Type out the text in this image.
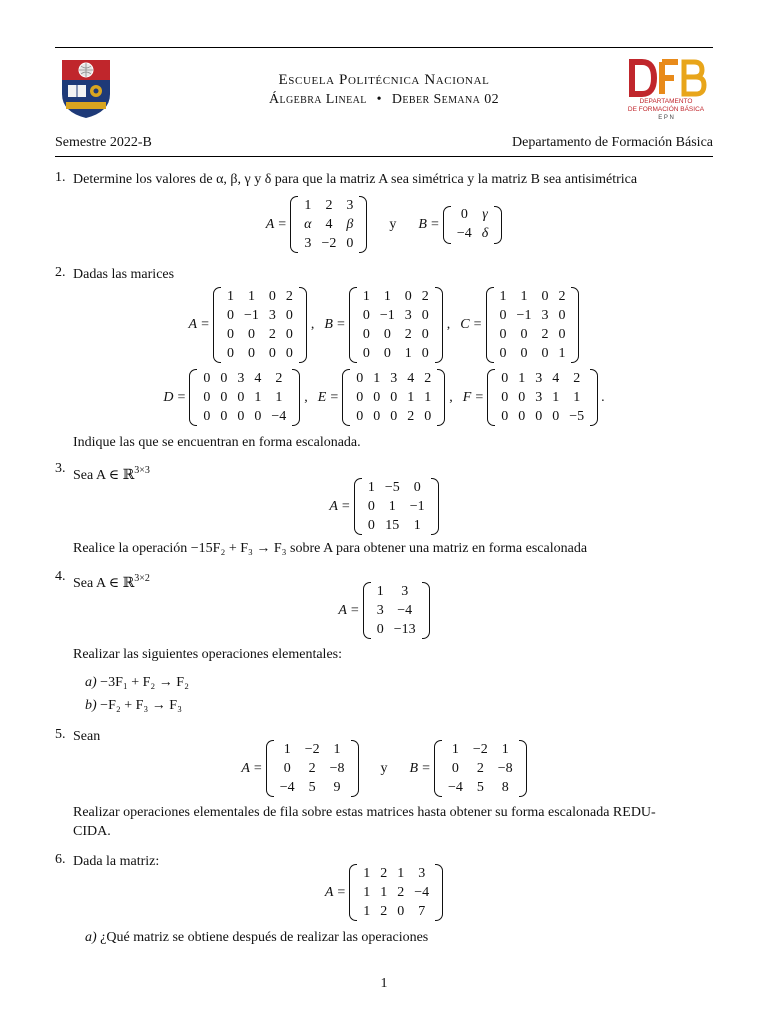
Escuela Politécnica Nacional
Álgebra Lineal • Deber Semana 02	DEPARTAMENTO
DE FORMACIÓN BÁSICA
E P N
Semestre 2022-B	Departamento de Formación Básica
1. Determine los valores de α, β, γ y δ para que la matriz A sea simétrica y la matriz B sea antisimétrica
A =
1	2	3
α	4	β
3	−2	0
y B =
0	γ
−4	δ
2. Dadas las marices
A =
1	1	0	2
0	−1	3	0
0	0	2	0
0	0	0	0
, B =
1	1	0	2
0	−1	3	0
0	0	2	0
0	0	1	0
, C =
1	1	0	2
0	−1	3	0
0	0	2	0
0	0	0	1
D =
0	0	3	4	2
0	0	0	1	1
0	0	0	0	−4
, E =
0	1	3	4	2
0	0	0	1	1
0	0	0	2	0
, F =
0	1	3	4	2
0	0	3	1	1
0	0	0	0	−5
.
Indique las que se encuentran en forma escalonada.
3. Sea A ∈ ℝ$^{3\times 3}$
A =
1	−5	0
0	1	−1
0	15	1
Realice la operación −15F₂ + F₃ → F₃ sobre A para obtener una matriz en forma escalonada
4. Sea A ∈ ℝ$^{3\times 2}$
A =
1	3
3	−4
0	−13
Realizar las siguientes operaciones elementales:
a) −3F₁ + F₂ → F₂
b) −F₂ + F₃ → F₃
5. Sean
A =
1	−2	1
0	2	−8
−4	5	9
y B =
1	−2	1
0	2	−8
−4	5	8
Realizar operaciones elementales de fila sobre estas matrices hasta obtener su forma escalonada REDU-
CIDA.
6. Dada la matriz:
A =
1	2	1	3
1	1	2	−4
1	2	0	7
a) ¿Qué matriz se obtiene después de realizar las operaciones
1
